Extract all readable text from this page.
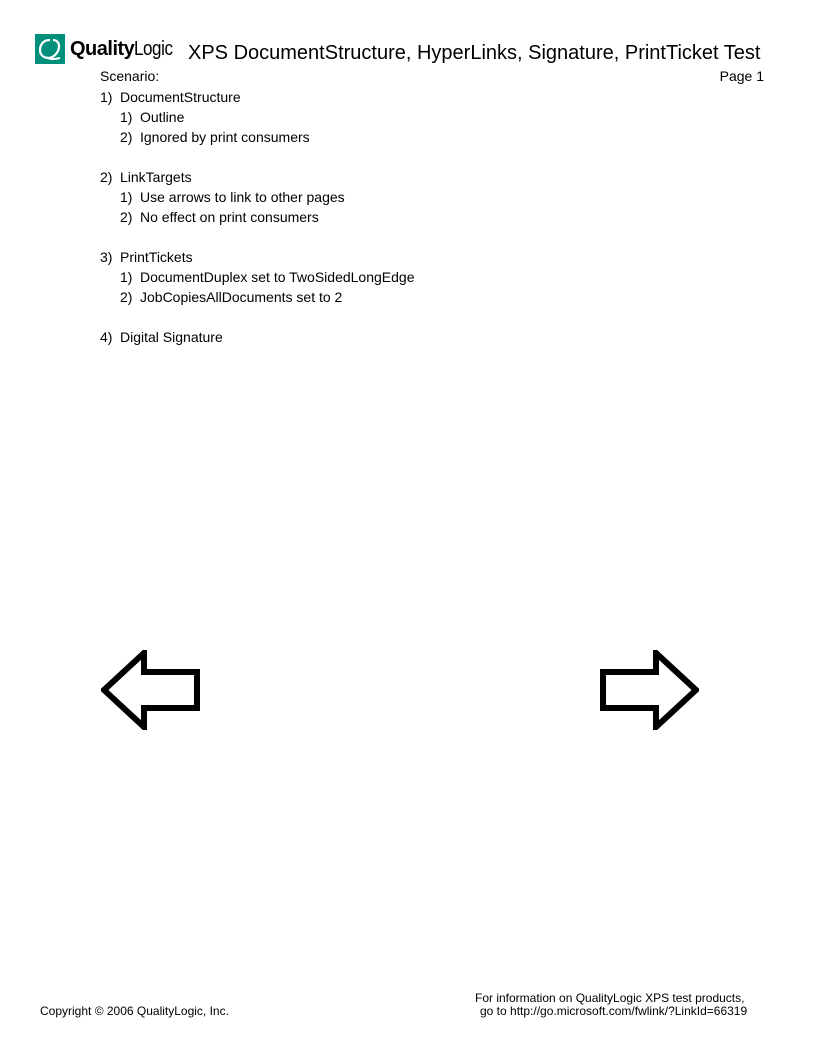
QualityLogic XPS DocumentStructure, HyperLinks, Signature, PrintTicket Test
Scenario:	Page 1
1) DocumentStructure
1) Outline
2) Ignored by print consumers
2) LinkTargets
1) Use arrows to link to other pages
2) No effect on print consumers
3) PrintTickets
1) DocumentDuplex set to TwoSidedLongEdge
2) JobCopiesAllDocuments set to 2
4) Digital Signature
Copyright © 2006 QualityLogic, Inc.
For information on QualityLogic XPS test products,
go to http://go.microsoft.com/fwlink/?LinkId=66319
